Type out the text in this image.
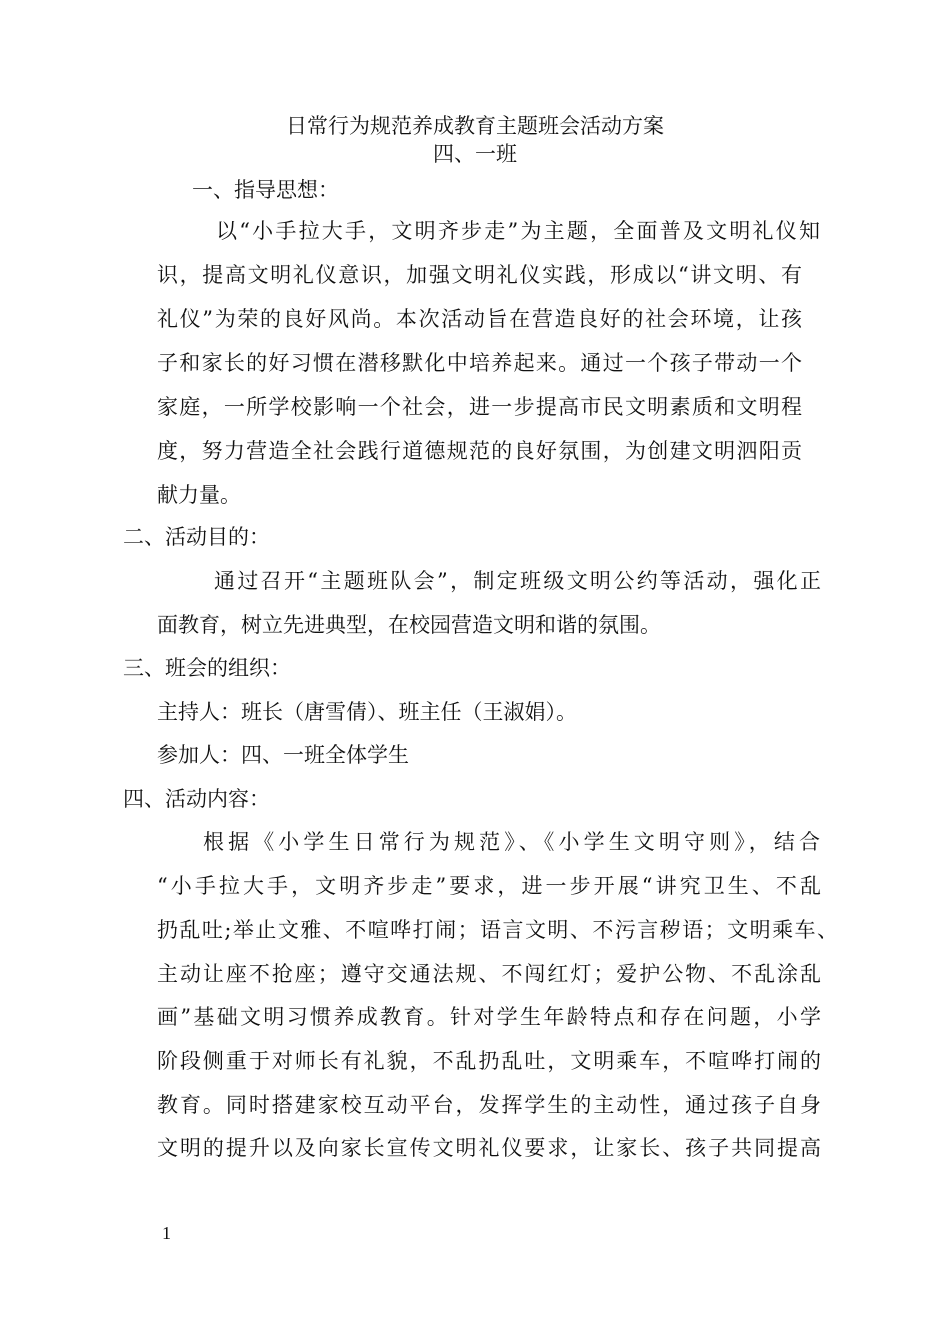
日常行为规范养成教育主题班会活动方案
四、一班
一、指导思想：
以“小手拉大手，文明齐步走”为主题，全面普及文明礼仪知
识，提高文明礼仪意识，加强文明礼仪实践，形成以“讲文明、有
礼仪”为荣的良好风尚。本次活动旨在营造良好的社会环境，让孩
子和家长的好习惯在潜移默化中培养起来。通过一个孩子带动一个
家庭，一所学校影响一个社会，进一步提高市民文明素质和文明程
度，努力营造全社会践行道德规范的良好氛围，为创建文明泗阳贡
献力量。
二、活动目的：
通过召开“主题班队会”，制定班级文明公约等活动，强化正
面教育，树立先进典型，在校园营造文明和谐的氛围。
三、班会的组织：
主持人：班长（唐雪倩）、班主任（王淑娟）。
参加人：四、一班全体学生
四、活动内容：
根据《小学生日常行为规范》、《小学生文明守则》，结合
“小手拉大手，文明齐步走”要求，进一步开展“讲究卫生、不乱
扔乱吐;举止文雅、不喧哗打闹；语言文明、不污言秽语；文明乘车、
主动让座不抢座；遵守交通法规、不闯红灯；爱护公物、不乱涂乱
画”基础文明习惯养成教育。针对学生年龄特点和存在问题，小学
阶段侧重于对师长有礼貌，不乱扔乱吐，文明乘车，不喧哗打闹的
教育。同时搭建家校互动平台，发挥学生的主动性，通过孩子自身
文明的提升以及向家长宣传文明礼仪要求，让家长、孩子共同提高
1
